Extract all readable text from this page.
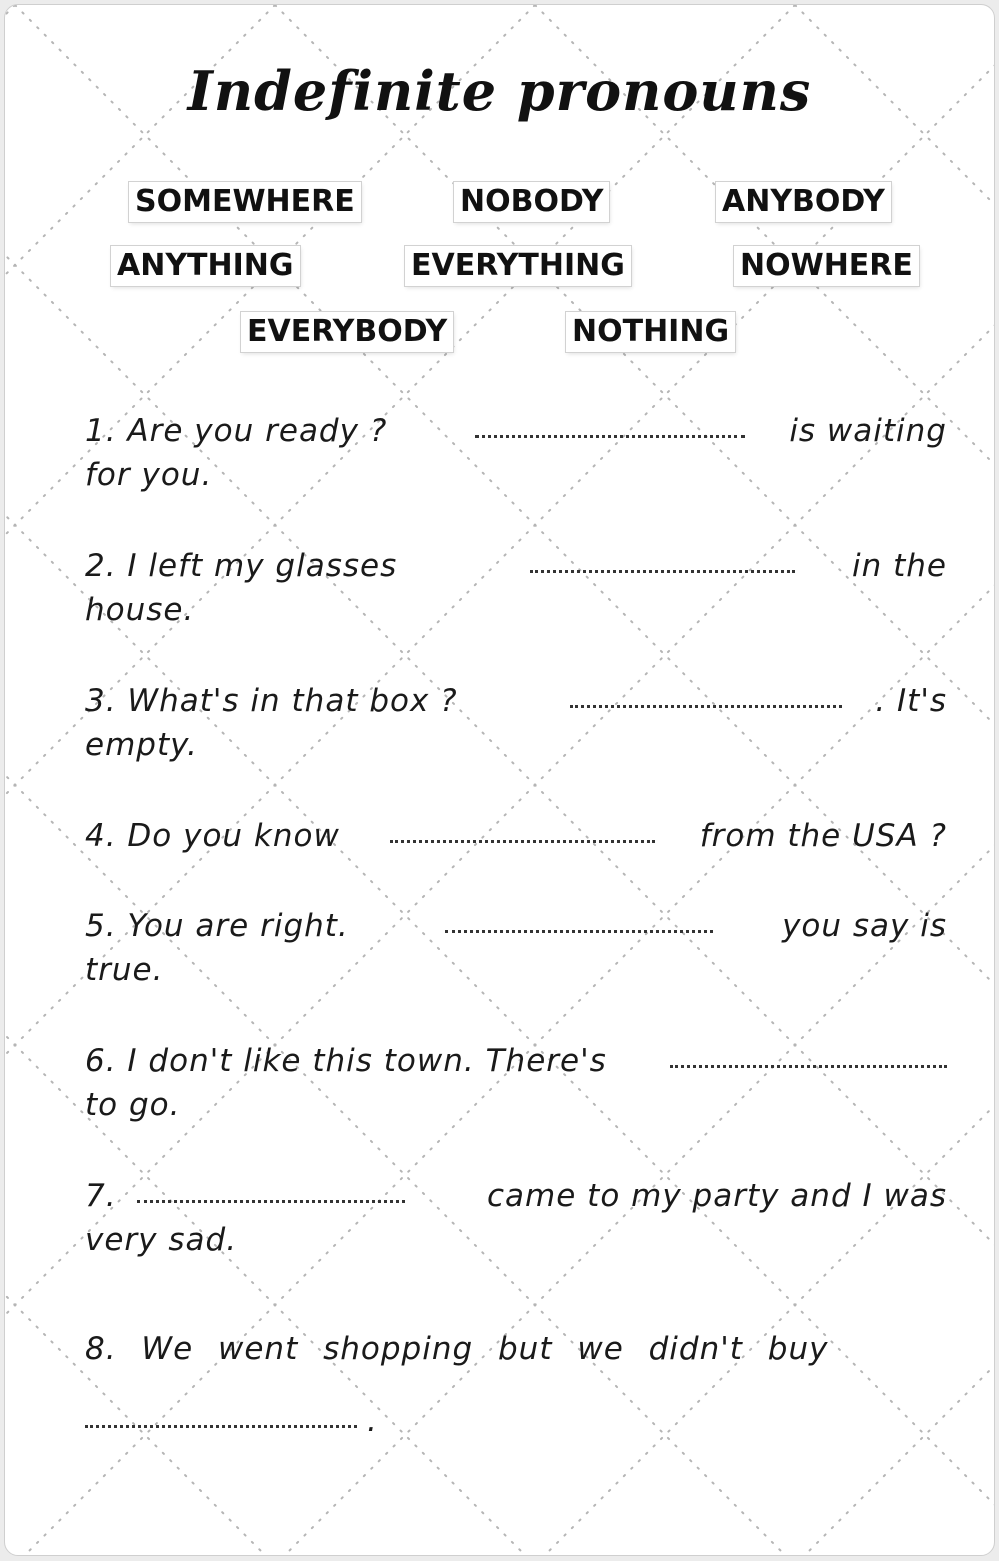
Indefinite pronouns
SOMEWHERE	NOBODY	ANYBODY
ANYTHING	EVERYTHING	NOWHERE
EVERYBODY	NOTHING
1. Are you ready ?	is waiting
for you.
2. I left my glasses	in the
house.
3. What's in that box ?	. It's
empty.
4. Do you know	from the USA ?
5. You are right.	you say is
true.
6. I don't like this town. There's
to go.
7.	came to my party and I was
very sad.
8. We went shopping but we didn't buy
.
